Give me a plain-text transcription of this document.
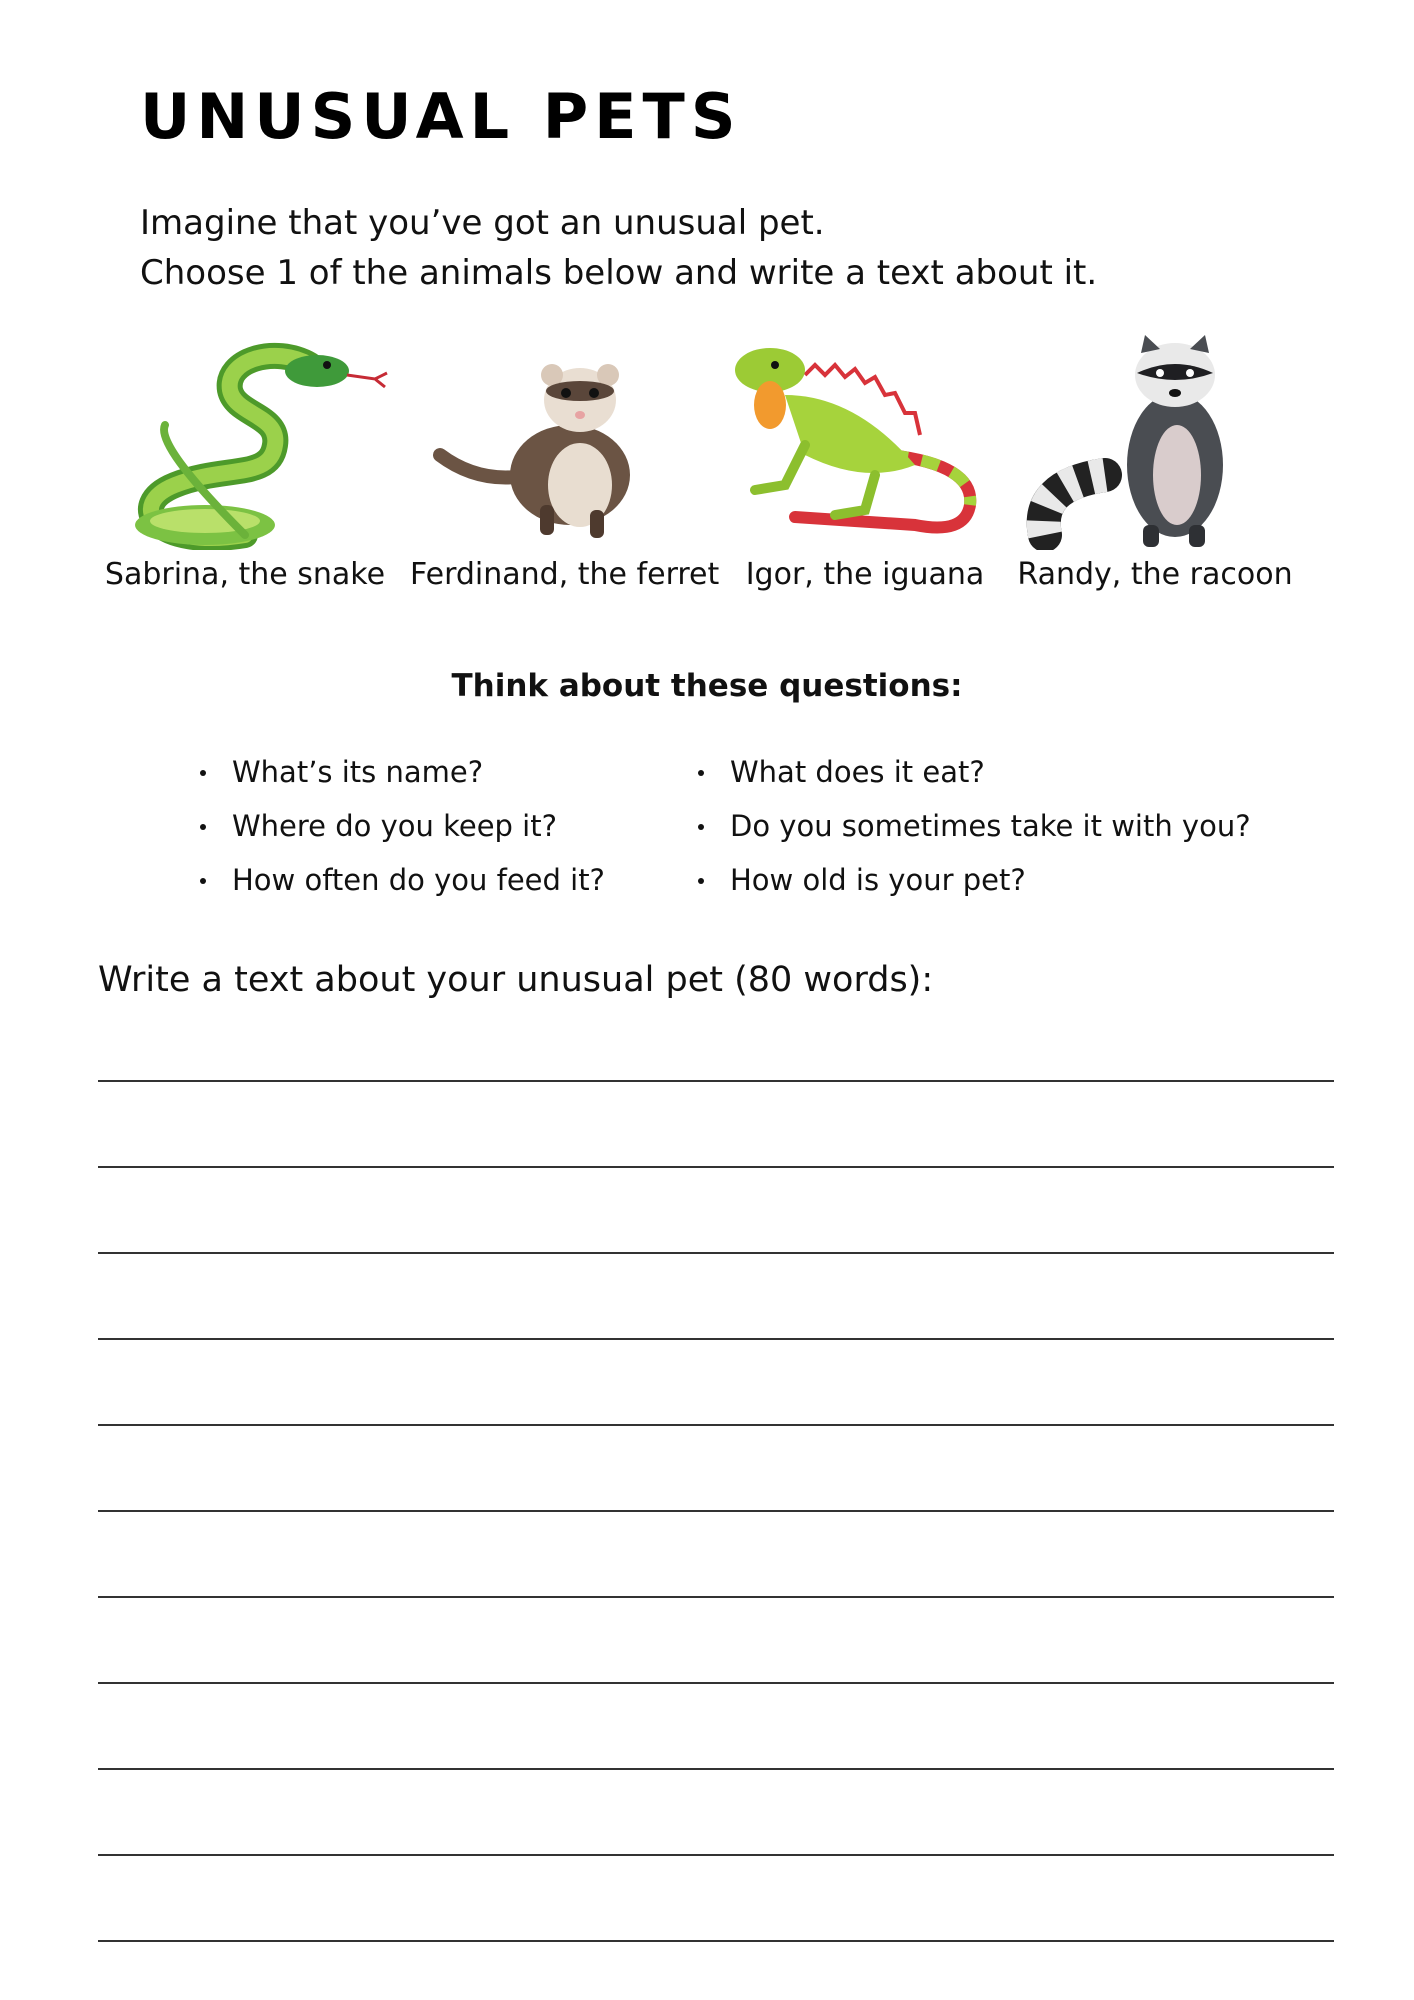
UNUSUAL PETS

Imagine that you’ve got an unusual pet.

Choose 1 of the animals below and write a text about it.

Sabrina, the snake Ferdinand, the ferret Igor, the iguana	Randy, the racoon
Think about these questions:
What’s its name?
Where do you keep it?
How often do you feed it?
What does it eat?
Do you sometimes take it with you?
How old is your pet?

Write a text about your unusual pet (80 words):
